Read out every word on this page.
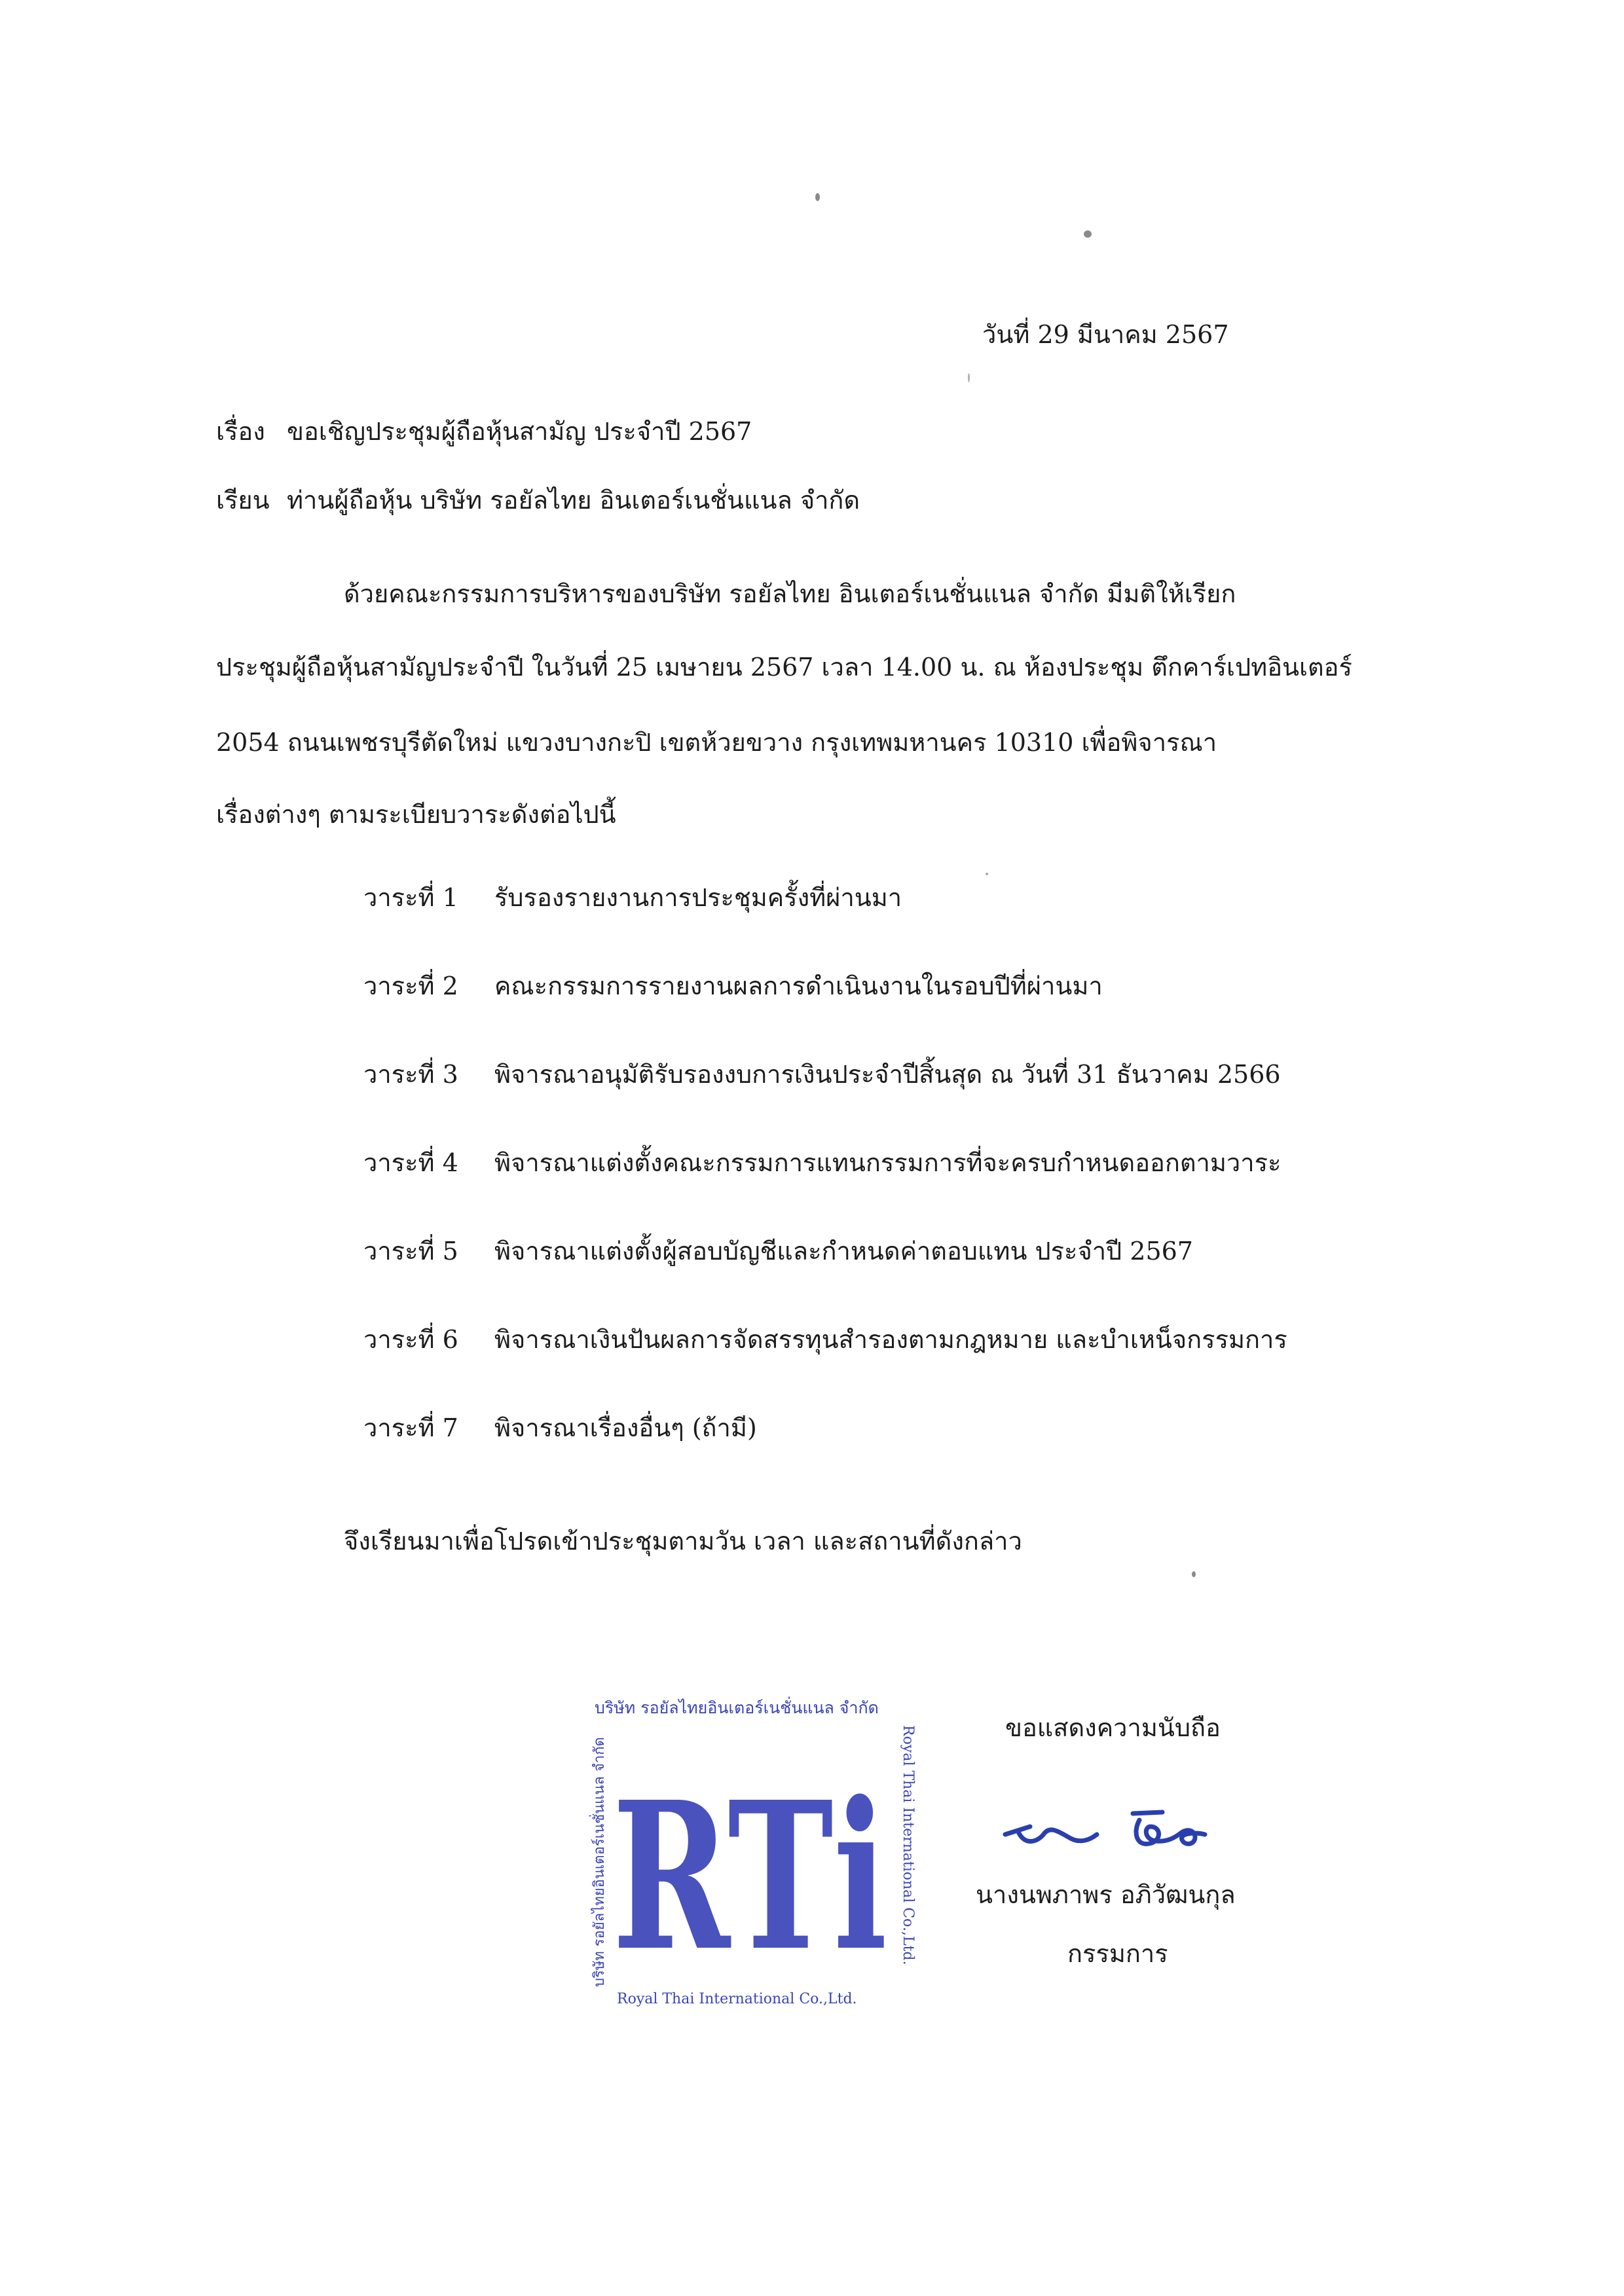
วันที่ 29 มีนาคม 2567
เรื่อง ขอเชิญประชุมผู้ถือหุ้นสามัญ ประจำปี 2567
เรียน ท่านผู้ถือหุ้น บริษัท รอยัลไทย อินเตอร์เนชั่นแนล จำกัด
ด้วยคณะกรรมการบริหารของบริษัท รอยัลไทย อินเตอร์เนชั่นแนล จำกัด มีมติให้เรียก
ประชุมผู้ถือหุ้นสามัญประจำปี ในวันที่ 25 เมษายน 2567 เวลา 14.00 น. ณ ห้องประชุม ตึกคาร์เปทอินเตอร์
2054 ถนนเพชรบุรีตัดใหม่ แขวงบางกะปิ เขตห้วยขวาง กรุงเทพมหานคร 10310 เพื่อพิจารณา
เรื่องต่างๆ ตามระเบียบวาระดังต่อไปนี้
วาระที่ 1 รับรองรายงานการประชุมครั้งที่ผ่านมา
วาระที่ 2 คณะกรรมการรายงานผลการดำเนินงานในรอบปีที่ผ่านมา
วาระที่ 3 พิจารณาอนุมัติรับรองงบการเงินประจำปีสิ้นสุด ณ วันที่ 31 ธันวาคม 2566
วาระที่ 4 พิจารณาแต่งตั้งคณะกรรมการแทนกรรมการที่จะครบกำหนดออกตามวาระ
วาระที่ 5 พิจารณาแต่งตั้งผู้สอบบัญชีและกำหนดค่าตอบแทน ประจำปี 2567
วาระที่ 6 พิจารณาเงินปันผลการจัดสรรทุนสำรองตามกฎหมาย และบำเหน็จกรรมการ
วาระที่ 7 พิจารณาเรื่องอื่นๆ (ถ้ามี)
จึงเรียนมาเพื่อโปรดเข้าประชุมตามวัน เวลา และสถานที่ดังกล่าว
บริษัท รอยัลไทยอินเตอร์เนชั่นแนล จำกัด
Royal Thai International Co.,Ltd.
Royal Thai International Co.,Ltd.
บริษัท รอยัลไทยอินเตอร์เนชั่นแนล จำกัด RTi
ขอแสดงความนับถือ
นางนพภาพร อภิวัฒนกุล
กรรมการ
